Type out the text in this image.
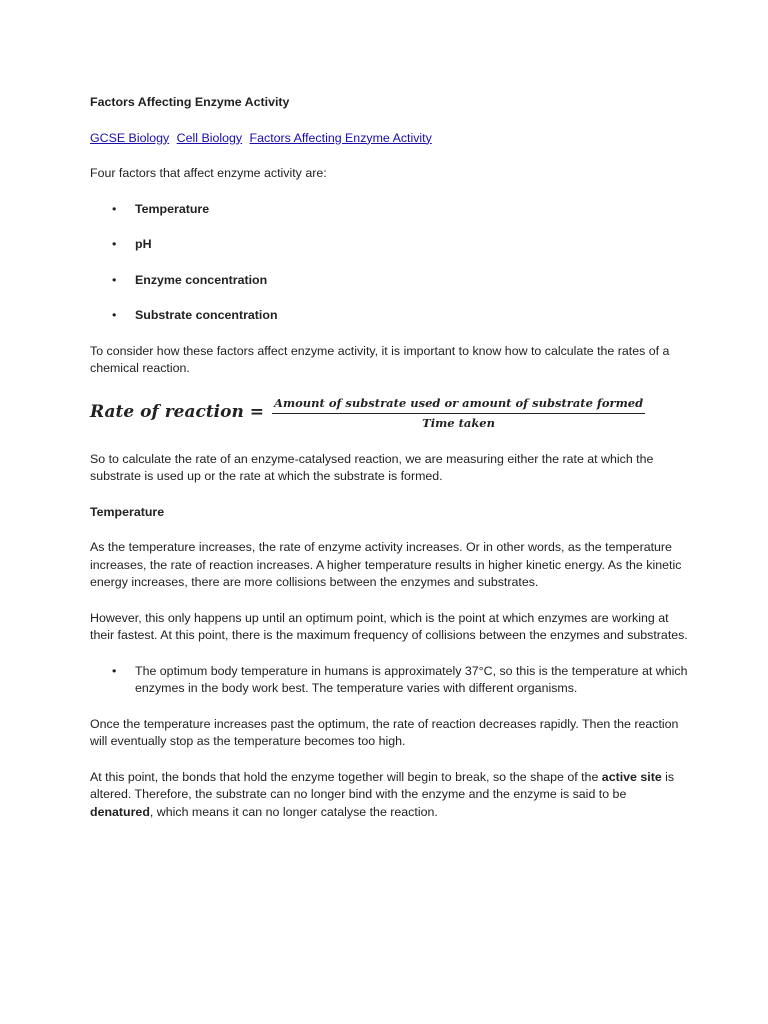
Factors Affecting Enzyme Activity

GCSE Biology Cell Biology Factors Affecting Enzyme Activity

Four factors that affect enzyme activity are:

• Temperature
• pH
• Enzyme concentration
• Substrate concentration

To consider how these factors affect enzyme activity, it is important to know how to calculate the rates of a chemical reaction.

Rate of reaction = $\frac{\text{Amount of substrate used or amount of substrate formed}}{\text{Time taken}}$

So to calculate the rate of an enzyme-catalysed reaction, we are measuring either the rate at which the substrate is used up or the rate at which the substrate is formed.

Temperature

As the temperature increases, the rate of enzyme activity increases. Or in other words, as the temperature increases, the rate of reaction increases. A higher temperature results in higher kinetic energy. As the kinetic energy increases, there are more collisions between the enzymes and substrates.

However, this only happens up until an optimum point, which is the point at which enzymes are working at their fastest. At this point, there is the maximum frequency of collisions between the enzymes and substrates.

• The optimum body temperature in humans is approximately 37°C, so this is the temperature at which enzymes in the body work best. The temperature varies with different organisms.

Once the temperature increases past the optimum, the rate of reaction decreases rapidly. Then the reaction will eventually stop as the temperature becomes too high.

At this point, the bonds that hold the enzyme together will begin to break, so the shape of the active site is altered. Therefore, the substrate can no longer bind with the enzyme and the enzyme is said to be denatured, which means it can no longer catalyse the reaction.
